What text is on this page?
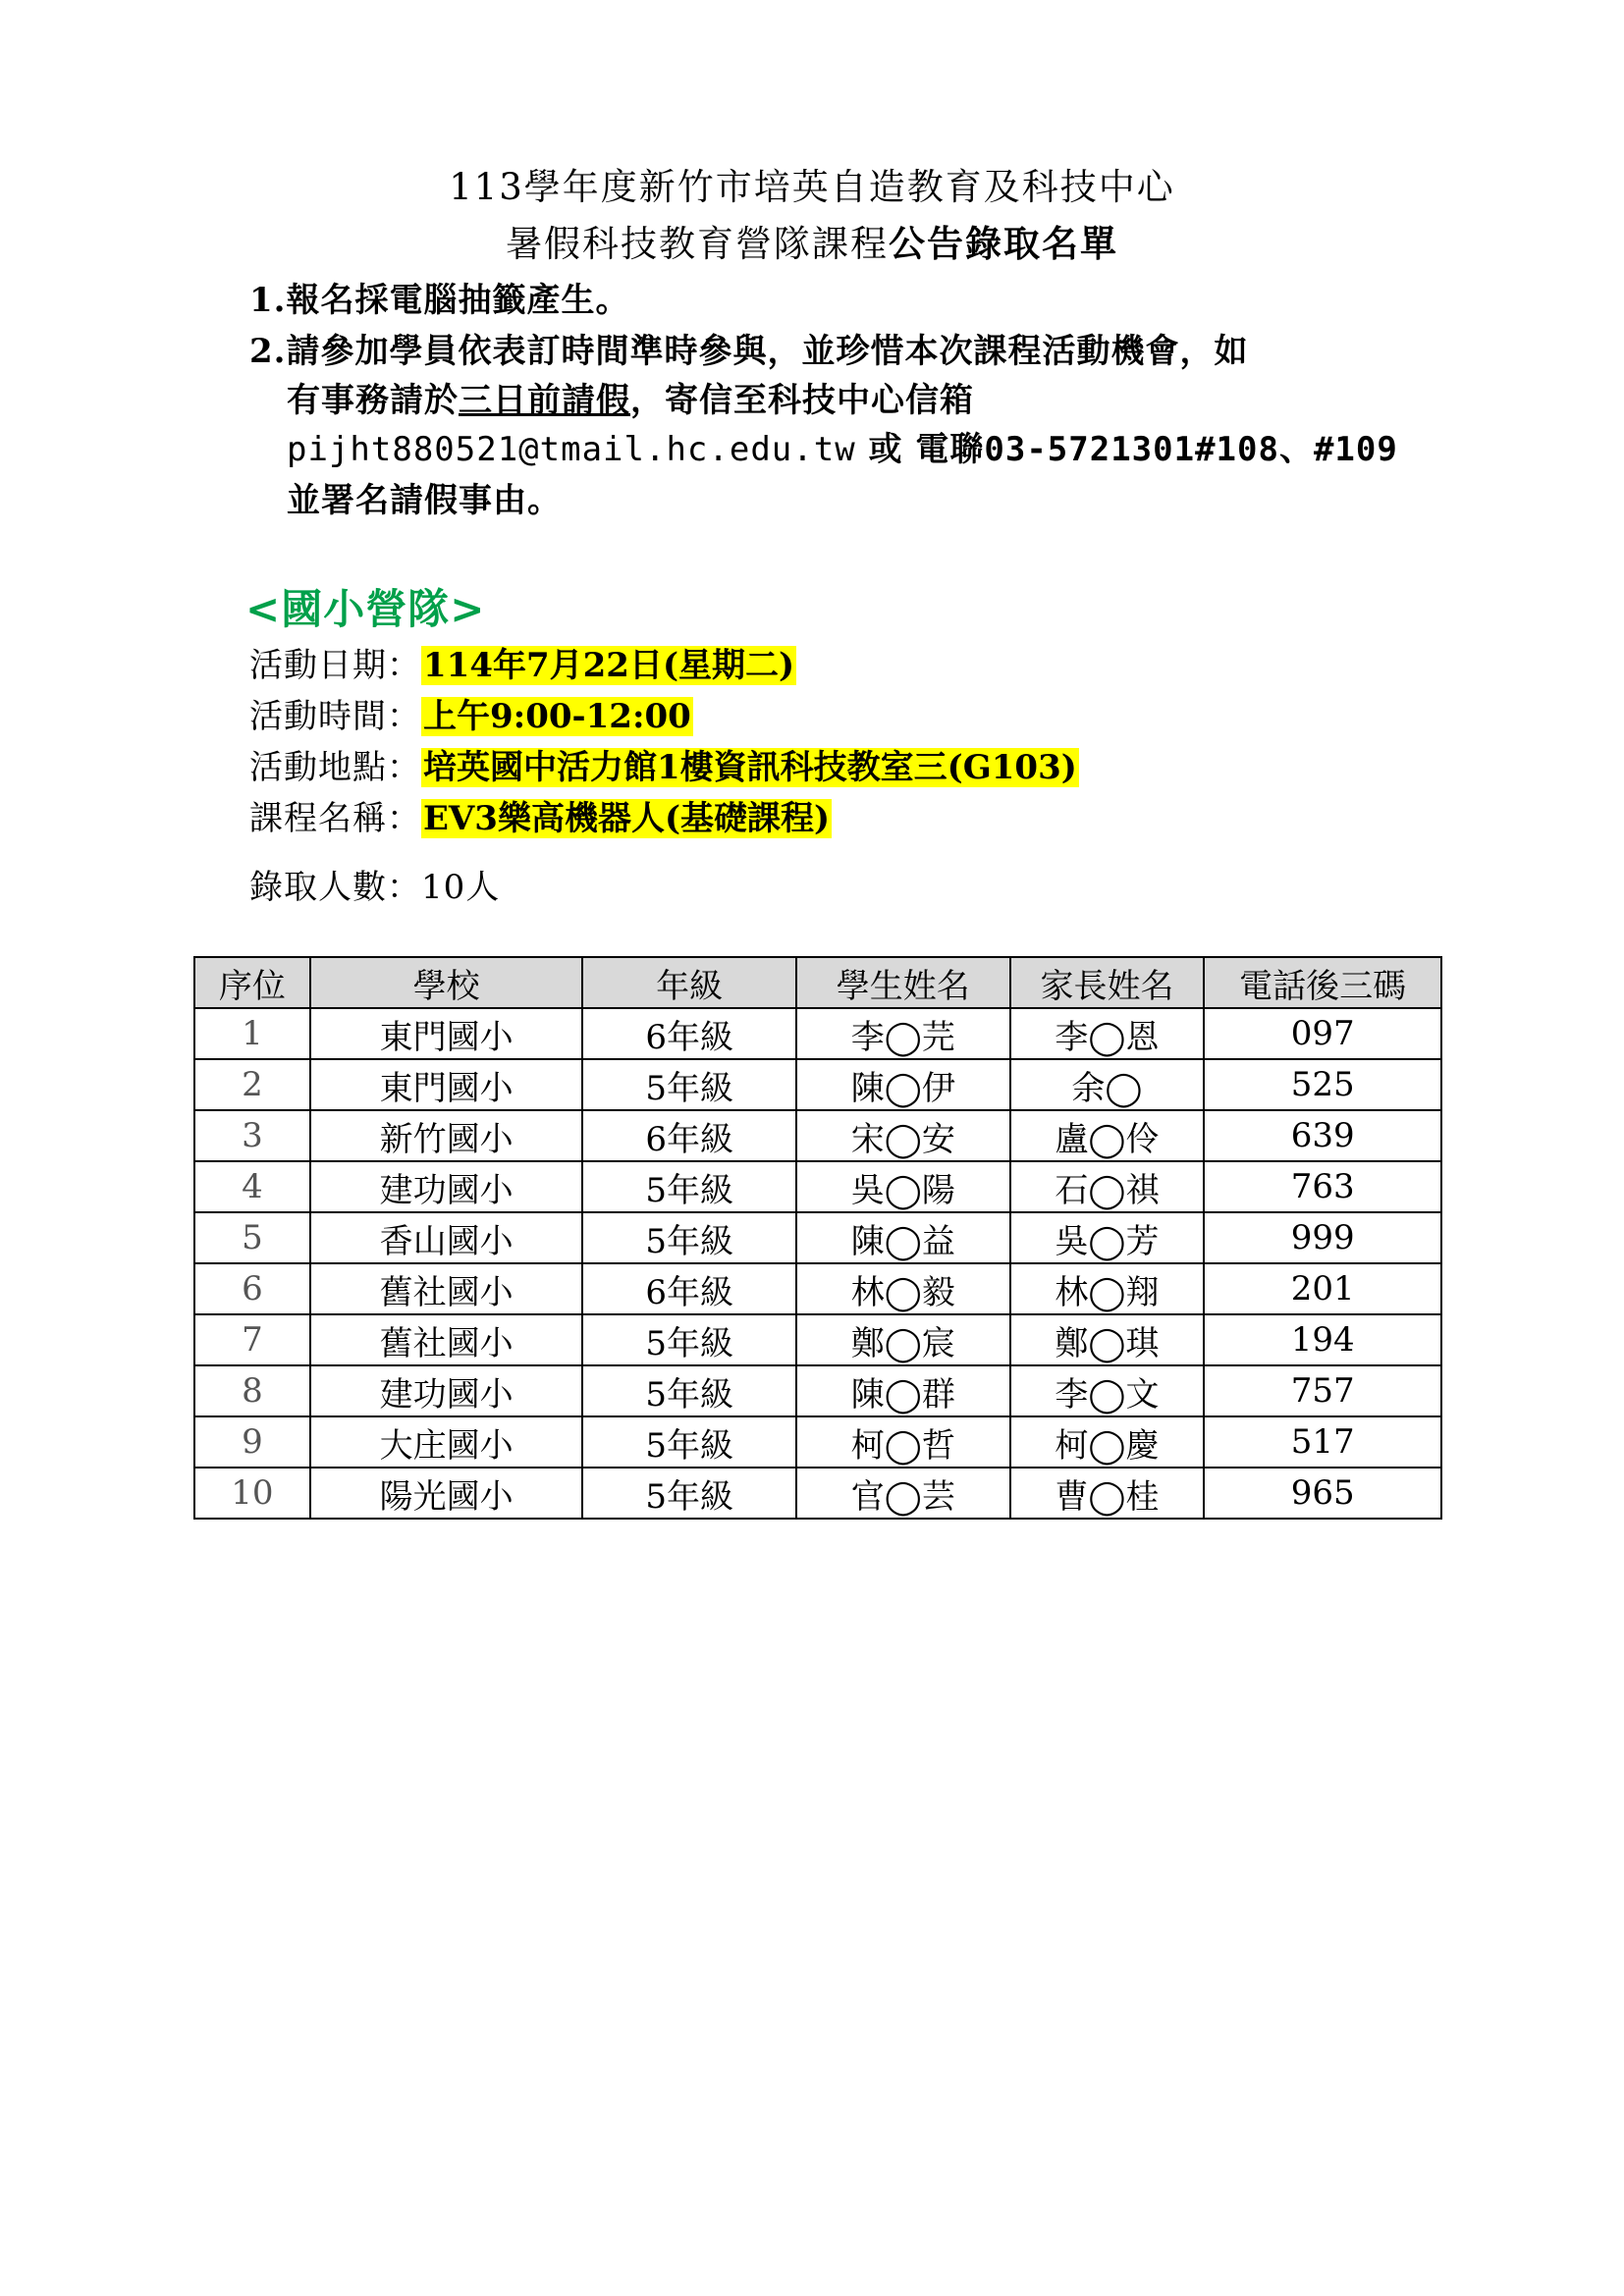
113學年度新竹市培英自造教育及科技中心
暑假科技教育營隊課程公告錄取名單
1.報名採電腦抽籤產生。
2.請參加學員依表訂時間準時參與，並珍惜本次課程活動機會，如
有事務請於三日前請假，寄信至科技中心信箱
pijht880521@tmail.hc.edu.tw 或 電聯03-5721301#108、#109
並署名請假事由。
<國小營隊>
活動日期：114年7月22日(星期二)
活動時間：上午9:00-12:00
活動地點：培英國中活力館1樓資訊科技教室三(G103)
課程名稱：EV3樂高機器人(基礎課程)
錄取人數：10人
序位	學校	年級	學生姓名	家長姓名	電話後三碼
1	東門國小	6年級	李◯芫	李◯恩	097
2	東門國小	5年級	陳◯伊	余◯	525
3	新竹國小	6年級	宋◯安	盧◯伶	639
4	建功國小	5年級	吳◯陽	石◯祺	763
5	香山國小	5年級	陳◯益	吳◯芳	999
6	舊社國小	6年級	林◯毅	林◯翔	201
7	舊社國小	5年級	鄭◯宸	鄭◯琪	194
8	建功國小	5年級	陳◯群	李◯文	757
9	大庄國小	5年級	柯◯哲	柯◯慶	517
10	陽光國小	5年級	官◯芸	曹◯桂	965
